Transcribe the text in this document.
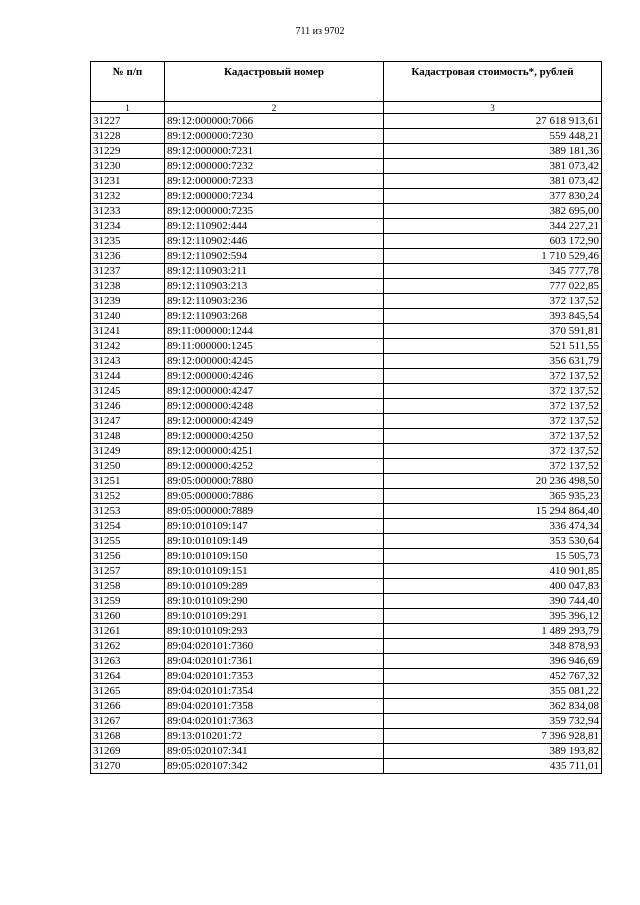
711 из 9702
№ п/п	Кадастровый номер	Кадастровая стоимость*, рублей
1	2	3
31227	89:12:000000:7066	27 618 913,61
31228	89:12:000000:7230	559 448,21
31229	89:12:000000:7231	389 181,36
31230	89:12:000000:7232	381 073,42
31231	89:12:000000:7233	381 073,42
31232	89:12:000000:7234	377 830,24
31233	89:12:000000:7235	382 695,00
31234	89:12:110902:444	344 227,21
31235	89:12:110902:446	603 172,90
31236	89:12:110902:594	1 710 529,46
31237	89:12:110903:211	345 777,78
31238	89:12:110903:213	777 022,85
31239	89:12:110903:236	372 137,52
31240	89:12:110903:268	393 845,54
31241	89:11:000000:1244	370 591,81
31242	89:11:000000:1245	521 511,55
31243	89:12:000000:4245	356 631,79
31244	89:12:000000:4246	372 137,52
31245	89:12:000000:4247	372 137,52
31246	89:12:000000:4248	372 137,52
31247	89:12:000000:4249	372 137,52
31248	89:12:000000:4250	372 137,52
31249	89:12:000000:4251	372 137,52
31250	89:12:000000:4252	372 137,52
31251	89:05:000000:7880	20 236 498,50
31252	89:05:000000:7886	365 935,23
31253	89:05:000000:7889	15 294 864,40
31254	89:10:010109:147	336 474,34
31255	89:10:010109:149	353 530,64
31256	89:10:010109:150	15 505,73
31257	89:10:010109:151	410 901,85
31258	89:10:010109:289	400 047,83
31259	89:10:010109:290	390 744,40
31260	89:10:010109:291	395 396,12
31261	89:10:010109:293	1 489 293,79
31262	89:04:020101:7360	348 878,93
31263	89:04:020101:7361	396 946,69
31264	89:04:020101:7353	452 767,32
31265	89:04:020101:7354	355 081,22
31266	89:04:020101:7358	362 834,08
31267	89:04:020101:7363	359 732,94
31268	89:13:010201:72	7 396 928,81
31269	89:05:020107:341	389 193,82
31270	89:05:020107:342	435 711,01
